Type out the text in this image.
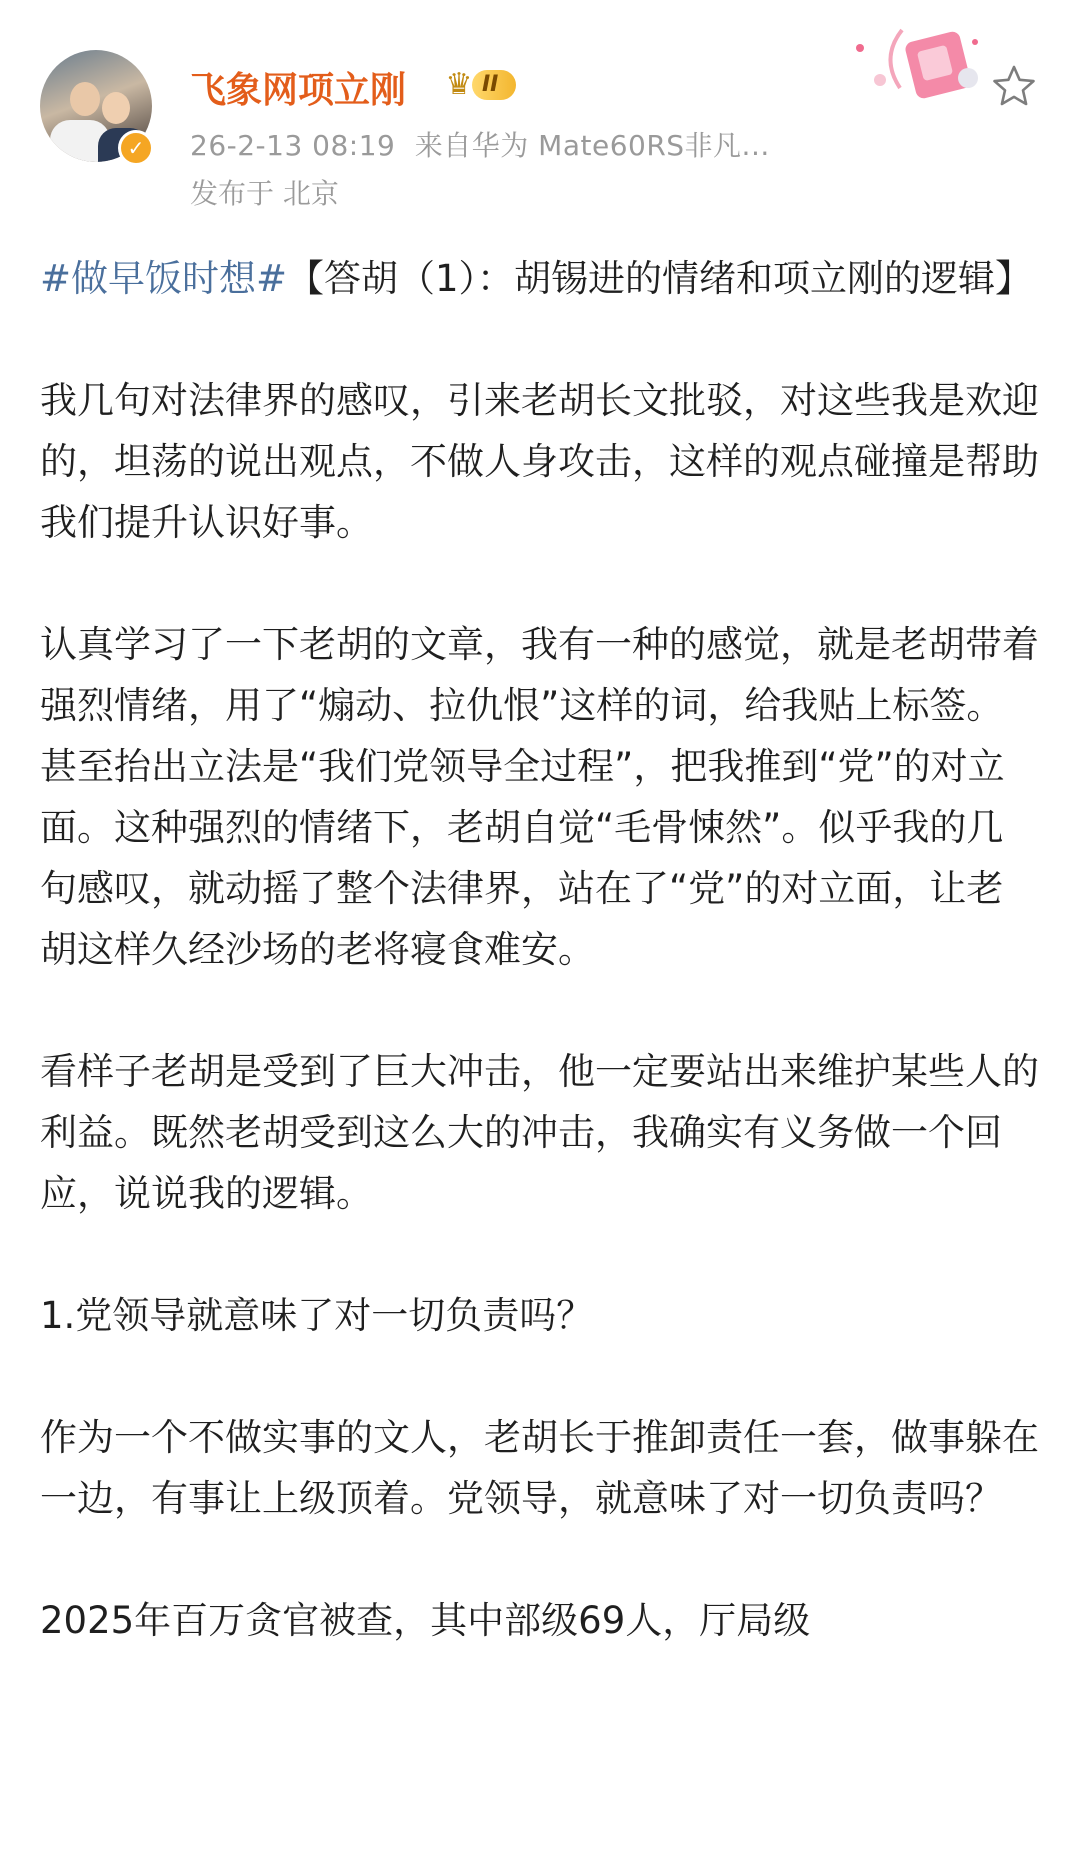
✓
飞象网项立刚 ♛ II
26-2-13 08:19 来自华为 Mate60RS非凡...
发布于 北京

#做早饭时想#【答胡（1）：胡锡进的情绪和项立刚的逻辑】

我几句对法律界的感叹，引来老胡长文批驳，对这些我是欢迎的，坦荡的说出观点，不做人身攻击，这样的观点碰撞是帮助我们提升认识好事。

认真学习了一下老胡的文章，我有一种的感觉，就是老胡带着强烈情绪，用了“煽动、拉仇恨”这样的词，给我贴上标签。甚至抬出立法是“我们党领导全过程”，把我推到“党”的对立面。这种强烈的情绪下，老胡自觉“毛骨悚然”。似乎我的几句感叹，就动摇了整个法律界，站在了“党”的对立面，让老胡这样久经沙场的老将寝食难安。

看样子老胡是受到了巨大冲击，他一定要站出来维护某些人的利益。既然老胡受到这么大的冲击，我确实有义务做一个回应，说说我的逻辑。

1.党领导就意味了对一切负责吗？

作为一个不做实事的文人，老胡长于推卸责任一套，做事躲在一边，有事让上级顶着。党领导，就意味了对一切负责吗？

2025年百万贪官被查，其中部级69人，厅局级
